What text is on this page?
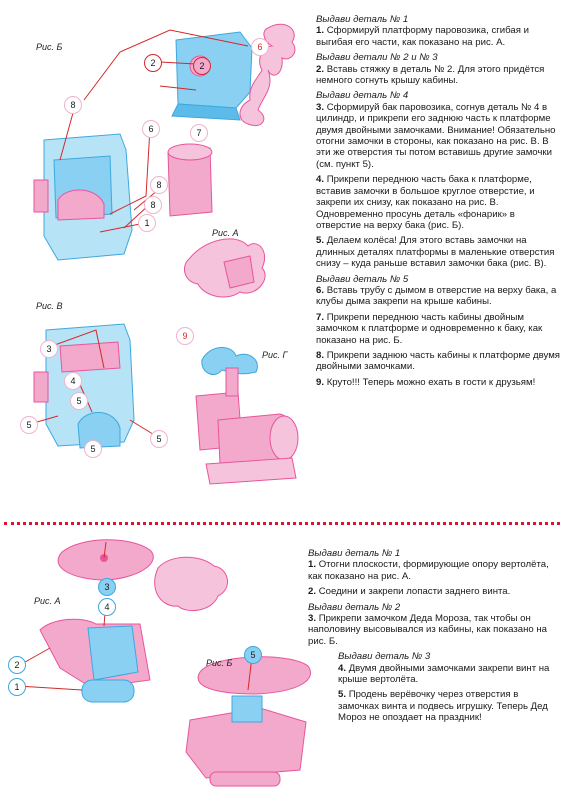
6
2	2
8
6	7
8
8
1
9
3
4
5
5
5
5
3
4
2
1
5
Рис. Б
Рис. А
Рис. В
Рис. Г
Рис. А
Рис. Б

Выдави деталь № 1

1. Сформируй платформу паровозика, сгибая и выгибая его части, как показано на рис. А.

Выдави детали № 2 и № 3

2. Вставь стяжку в деталь № 2. Для этого придётся немного согнуть крышу кабины.

Выдави деталь № 4

3. Сформируй бак паровозика, согнув деталь № 4 в цилиндр, и прикрепи его заднюю часть к платформе двумя двойными замочками. Внимание! Обязательно отогни замочки в стороны, как показано на рис. В. В эти же отверстия ты потом вставишь другие замочки (см. пункт 5).

4. Прикрепи переднюю часть бака к платформе, вставив замочки в большое круглое отверстие, и закрепи их снизу, как показано на рис. В. Одновременно просунь деталь «фонарик» в отверстие на верху бака (рис. Б).

5. Делаем колёса! Для этого вставь замочки на длинных деталях платформы в маленькие отверстия снизу – куда раньше вставил замочки бака (рис. В).

Выдави деталь № 5

6. Вставь трубу с дымом в отверстие на верху бака, а клубы дыма закрепи на крыше кабины.

7. Прикрепи переднюю часть кабины двойным замочком к платформе и одновременно к баку, как показано на рис. Б.

8. Прикрепи заднюю часть кабины к платформе двумя двойными замочками.

9. Круто!!! Теперь можно ехать в гости к друзьям!

Выдави деталь № 1

1. Отогни плоскости, формирующие опору вертолёта, как показано на рис. А.

2. Соедини и закрепи лопасти заднего винта.

Выдави деталь № 2

3. Прикрепи замочком Деда Мороза, так чтобы он наполовину высовывался из кабины, как показано на рис. Б.

Выдави деталь № 3

4. Двумя двойными замочками закрепи винт на крыше вертолёта.

5. Продень верёвочку через отверстия в замочках винта и подвесь игрушку. Теперь Дед Мороз не опоздает на праздник!
